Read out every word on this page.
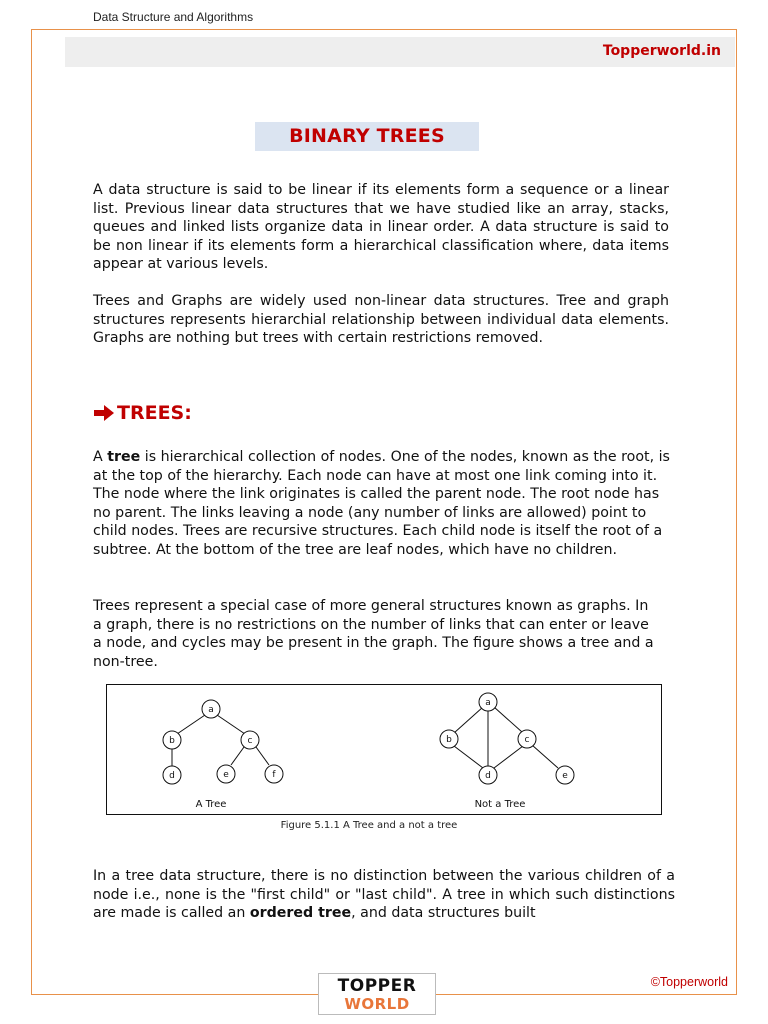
Data Structure and Algorithms
Topperworld.in
BINARY TREES

A data structure is said to be linear if its elements form a sequence or a linear list. Previous linear data structures that we have studied like an array, stacks, queues and linked lists organize data in linear order. A data structure is said to be non linear if its elements form a hierarchical classification where, data items appear at various levels.

Trees and Graphs are widely used non-linear data structures. Tree and graph structures represents hierarchial relationship between individual data elements. Graphs are nothing but trees with certain restrictions removed.

TREES:

A tree is hierarchical collection of nodes. One of the nodes, known as the root, is at the top of the hierarchy. Each node can have at most one link coming into it. The node where the link originates is called the parent node. The root node has no parent. The links leaving a node (any number of links are allowed) point to child nodes. Trees are recursive structures. Each child node is itself the root of a subtree. At the bottom of the tree are leaf nodes, which have no children.

Trees represent a special case of more general structures known as graphs. In a graph, there is no restrictions on the number of links that can enter or leave a node, and cycles may be present in the graph. The figure shows a tree and a non-tree.

a
b	c
d	e	f
a
b	c
d	e
A Tree	Not a Tree
Figure 5.1.1 A Tree and a not a tree

In a tree data structure, there is no distinction between the various children of a node i.e., none is the "first child" or "last child". A tree in which such distinctions are made is called an ordered tree, and data structures built

TOPPER
WORLD
©Topperworld
